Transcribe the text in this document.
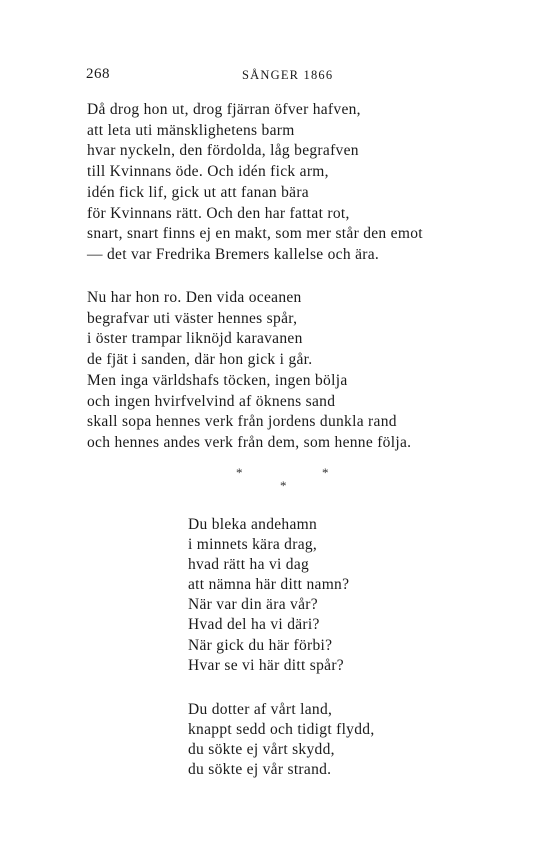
268	SÅNGER 1866
Då drog hon ut, drog fjärran öfver hafven,
att leta uti mänsklighetens barm
hvar nyckeln, den fördolda, låg begrafven
till Kvinnans öde. Och idén fick arm,
idén fick lif, gick ut att fanan bära
för Kvinnans rätt. Och den har fattat rot,
snart, snart finns ej en makt, som mer står den emot
— det var Fredrika Bremers kallelse och ära.
Nu har hon ro. Den vida oceanen
begrafvar uti väster hennes spår,
i öster trampar liknöjd karavanen
de fjät i sanden, där hon gick i går.
Men inga världshafs töcken, ingen bölja
och ingen hvirfvelvind af öknens sand
skall sopa hennes verk från jordens dunkla rand
och hennes andes verk från dem, som henne följa.
*	*
*
Du bleka andehamn
i minnets kära drag,
hvad rätt ha vi dag
att nämna här ditt namn?
När var din ära vår?
Hvad del ha vi däri?
När gick du här förbi?
Hvar se vi här ditt spår?
Du dotter af vårt land,
knappt sedd och tidigt flydd,
du sökte ej vårt skydd,
du sökte ej vår strand.
